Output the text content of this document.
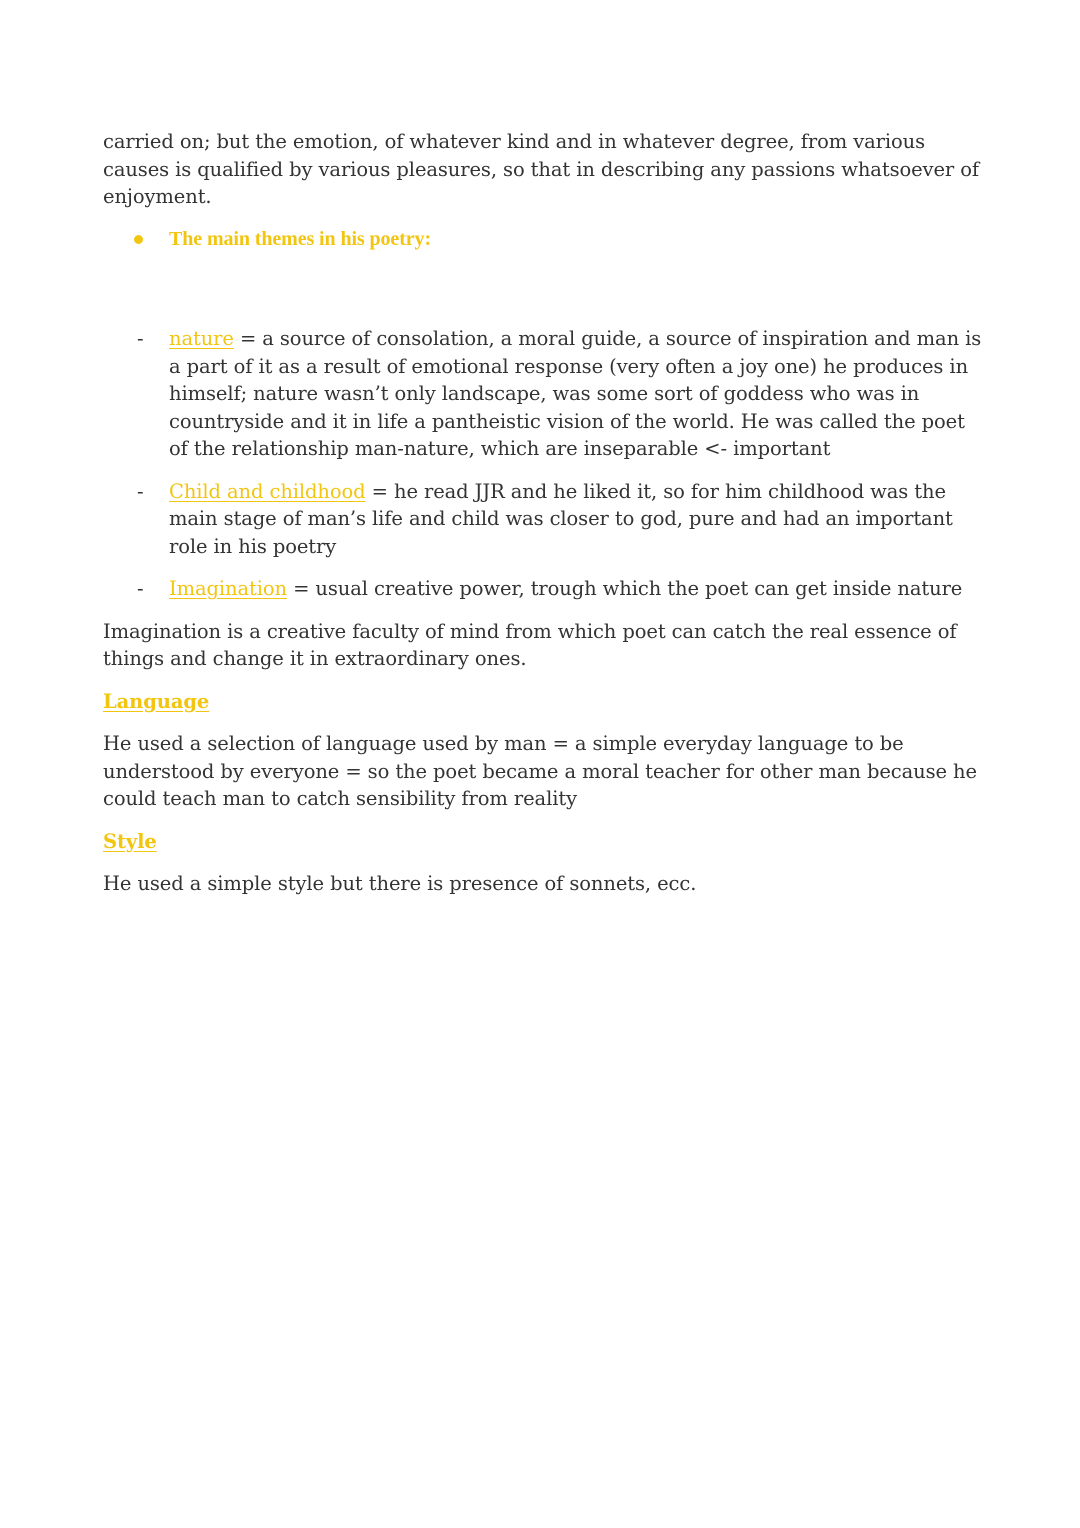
carried on; but the emotion, of whatever kind and in whatever degree, from various causes is qualified by various pleasures, so that in describing any passions whatsoever of enjoyment.

The main themes in his poetry:
- nature = a source of consolation, a moral guide, a source of inspiration and man is a part of it as a result of emotional response (very often a joy one) he produces in himself; nature wasn’t only landscape, was some sort of goddess who was in countryside and it in life a pantheistic vision of the world. He was called the poet of the relationship man-nature, which are inseparable <- important
- Child and childhood = he read JJR and he liked it, so for him childhood was the main stage of man’s life and child was closer to god, pure and had an important role in his poetry
- Imagination = usual creative power, trough which the poet can get inside nature

Imagination is a creative faculty of mind from which poet can catch the real essence of things and change it in extraordinary ones.

Language

He used a selection of language used by man = a simple everyday language to be understood by everyone = so the poet became a moral teacher for other man because he could teach man to catch sensibility from reality

Style

He used a simple style but there is presence of sonnets, ecc.
